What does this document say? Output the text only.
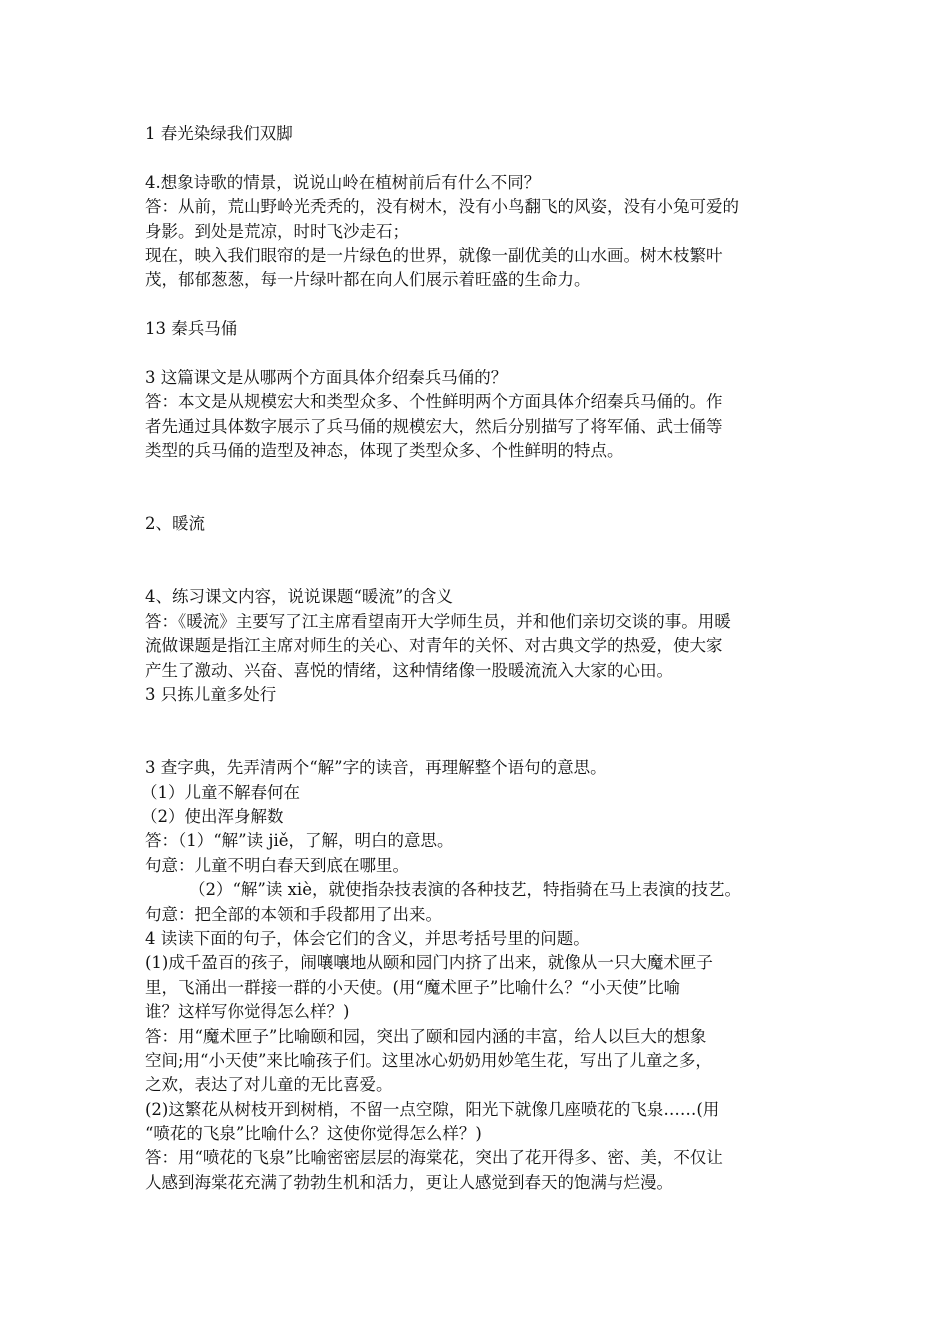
1 春光染绿我们双脚
4.想象诗歌的情景，说说山岭在植树前后有什么不同？
答：从前，荒山野岭光秃秃的，没有树木，没有小鸟翻飞的风姿，没有小兔可爱的
身影。到处是荒凉，时时飞沙走石；
现在，映入我们眼帘的是一片绿色的世界，就像一副优美的山水画。树木枝繁叶
茂，郁郁葱葱，每一片绿叶都在向人们展示着旺盛的生命力。
13 秦兵马俑
3 这篇课文是从哪两个方面具体介绍秦兵马俑的？
答：本文是从规模宏大和类型众多、个性鲜明两个方面具体介绍秦兵马俑的。作
者先通过具体数字展示了兵马俑的规模宏大，然后分别描写了将军俑、武士俑等
类型的兵马俑的造型及神态，体现了类型众多、个性鲜明的特点。
2、暖流
4、练习课文内容，说说课题“暖流”的含义
答：《暖流》主要写了江主席看望南开大学师生员，并和他们亲切交谈的事。用暖
流做课题是指江主席对师生的关心、对青年的关怀、对古典文学的热爱，使大家
产生了激动、兴奋、喜悦的情绪，这种情绪像一股暖流流入大家的心田。
3 只拣儿童多处行
3 查字典，先弄清两个“解”字的读音，再理解整个语句的意思。
（1）儿童不解春何在
（2）使出浑身解数
答：（1）“解”读 jiě，了解，明白的意思。
句意：儿童不明白春天到底在哪里。
（2）“解”读 xiè，就使指杂技表演的各种技艺，特指骑在马上表演的技艺。
句意：把全部的本领和手段都用了出来。
4 读读下面的句子，体会它们的含义，并思考括号里的问题。
(1)成千盈百的孩子，闹嚷嚷地从颐和园门内挤了出来，就像从一只大魔术匣子
里，飞涌出一群接一群的小天使。(用“魔术匣子”比喻什么？“小天使”比喻
谁？这样写你觉得怎么样？)
答：用“魔术匣子”比喻颐和园，突出了颐和园内涵的丰富，给人以巨大的想象
空间;用“小天使”来比喻孩子们。这里冰心奶奶用妙笔生花，写出了儿童之多，
之欢，表达了对儿童的无比喜爱。
(2)这繁花从树枝开到树梢，不留一点空隙，阳光下就像几座喷花的飞泉……(用
“喷花的飞泉”比喻什么？这使你觉得怎么样？)
答：用“喷花的飞泉”比喻密密层层的海棠花，突出了花开得多、密、美，不仅让
人感到海棠花充满了勃勃生机和活力，更让人感觉到春天的饱满与烂漫。
